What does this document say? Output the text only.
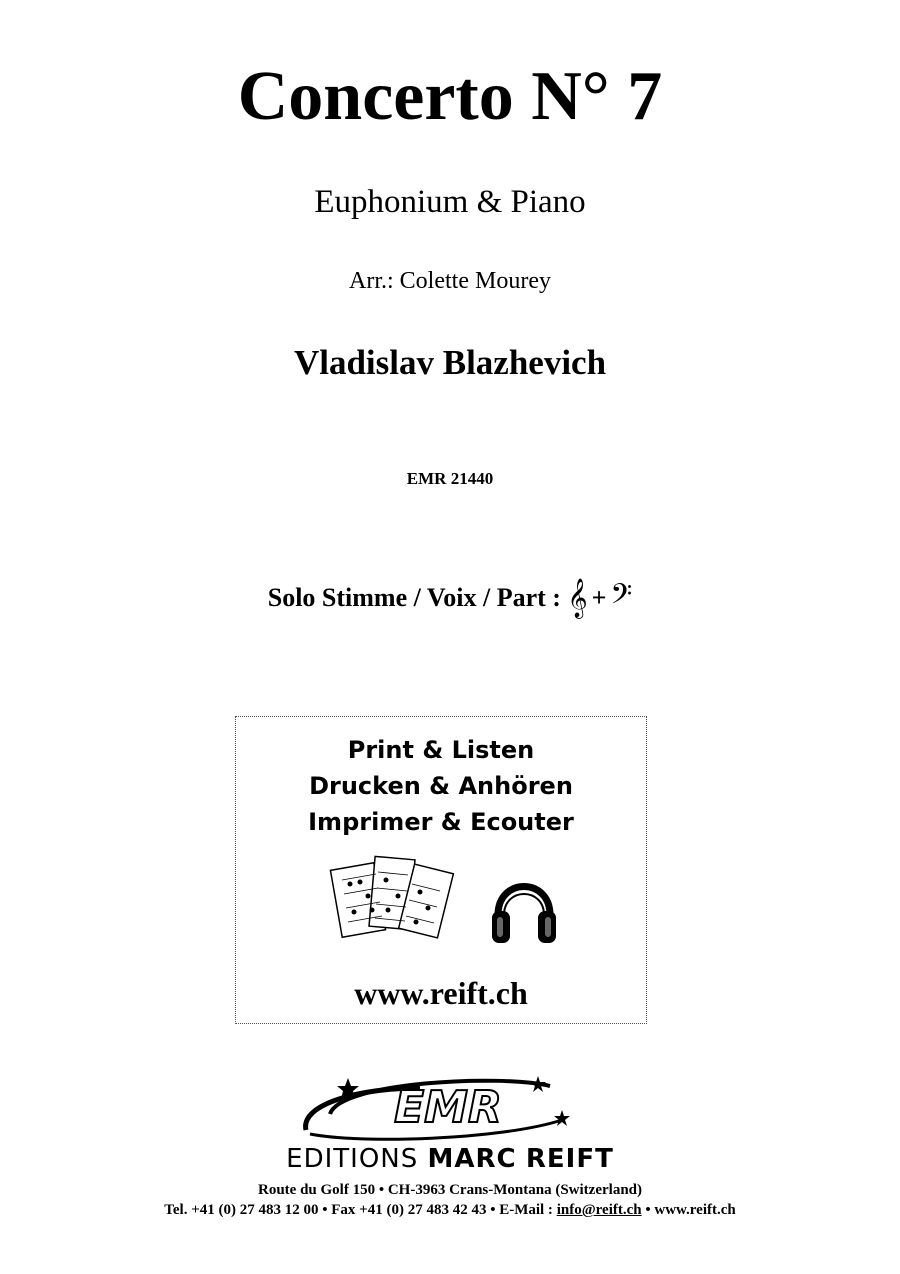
Concerto N° 7
Euphonium & Piano
Arr.: Colette Mourey
Vladislav Blazhevich
EMR 21440
Solo Stimme / Voix / Part : 𝄞 + 𝄢
Print & Listen
Drucken & Anhören
Imprimer & Ecouter
www.reift.ch
EMR
EDITIONS MARC REIFT
Route du Golf 150 • CH-3963 Crans-Montana (Switzerland)
Tel. +41 (0) 27 483 12 00 • Fax +41 (0) 27 483 42 43 • E-Mail : info@reift.ch • www.reift.ch
